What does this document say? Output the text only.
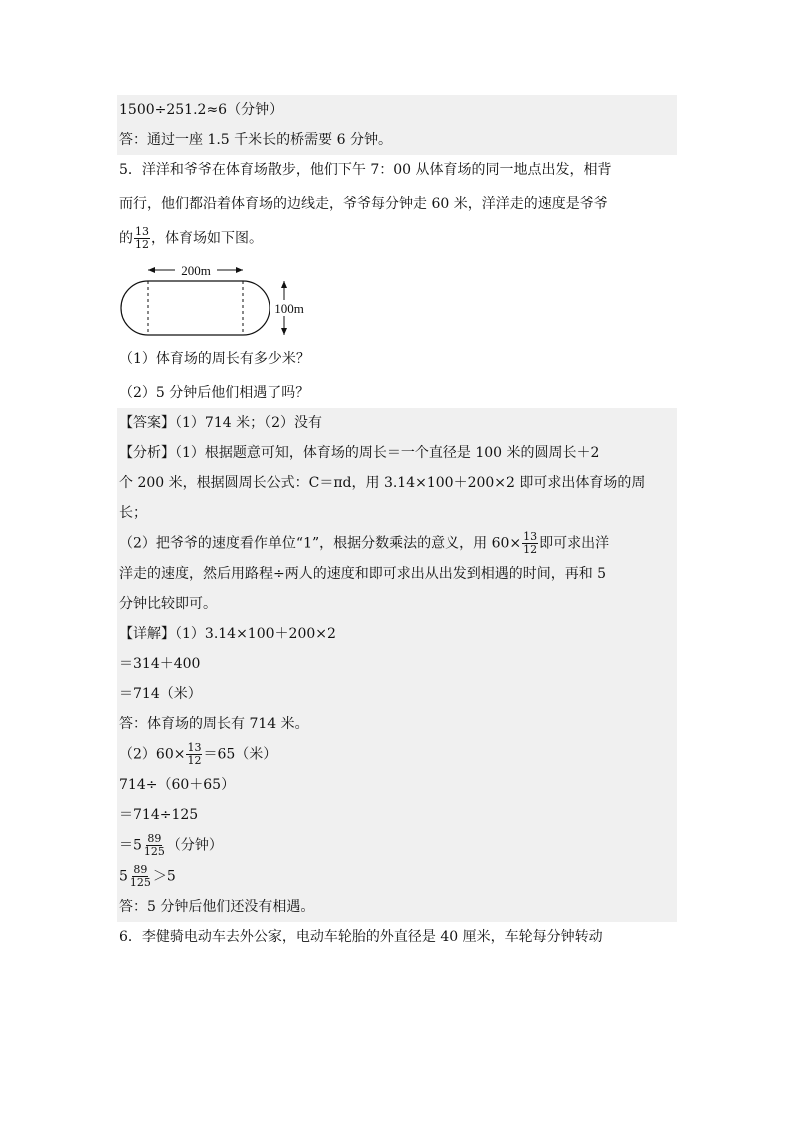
1500÷251.2≈6（分钟）
答：通过一座 1.5 千米长的桥需要 6 分钟。
5．洋洋和爷爷在体育场散步，他们下午 7：00 从体育场的同一地点出发，相背
而行，他们都沿着体育场的边线走，爷爷每分钟走 60 米，洋洋走的速度是爷爷
的 $\frac{13}{12}$ ，体育场如下图。
200m
100m
（1）体育场的周长有多少米？
（2）5 分钟后他们相遇了吗？
【答案】（1）714 米；（2）没有
【分析】（1）根据题意可知，体育场的周长＝一个直径是 100 米的圆周长＋2
个 200 米，根据圆周长公式：C＝πd，用 3.14×100＋200×2 即可求出体育场的周
长；
（2）把爷爷的速度看作单位“1”，根据分数乘法的意义，用 $60\times \frac{13}{12}$ 即可求出洋
洋走的速度，然后用路程÷两人的速度和即可求出从出发到相遇的时间，再和 5
分钟比较即可。
【详解】（1）3.14×100＋200×2
＝314＋400
＝714（米）
答：体育场的周长有 714 米。
$(2)60\times \frac{13}{12} =65$（米）
714÷（60＋65）
＝714÷125
$=5 \frac{89}{125}$ （分钟）
$5 \frac{89}{125} >5$
答：5 分钟后他们还没有相遇。
6．李健骑电动车去外公家，电动车轮胎的外直径是 40 厘米，车轮每分钟转动
